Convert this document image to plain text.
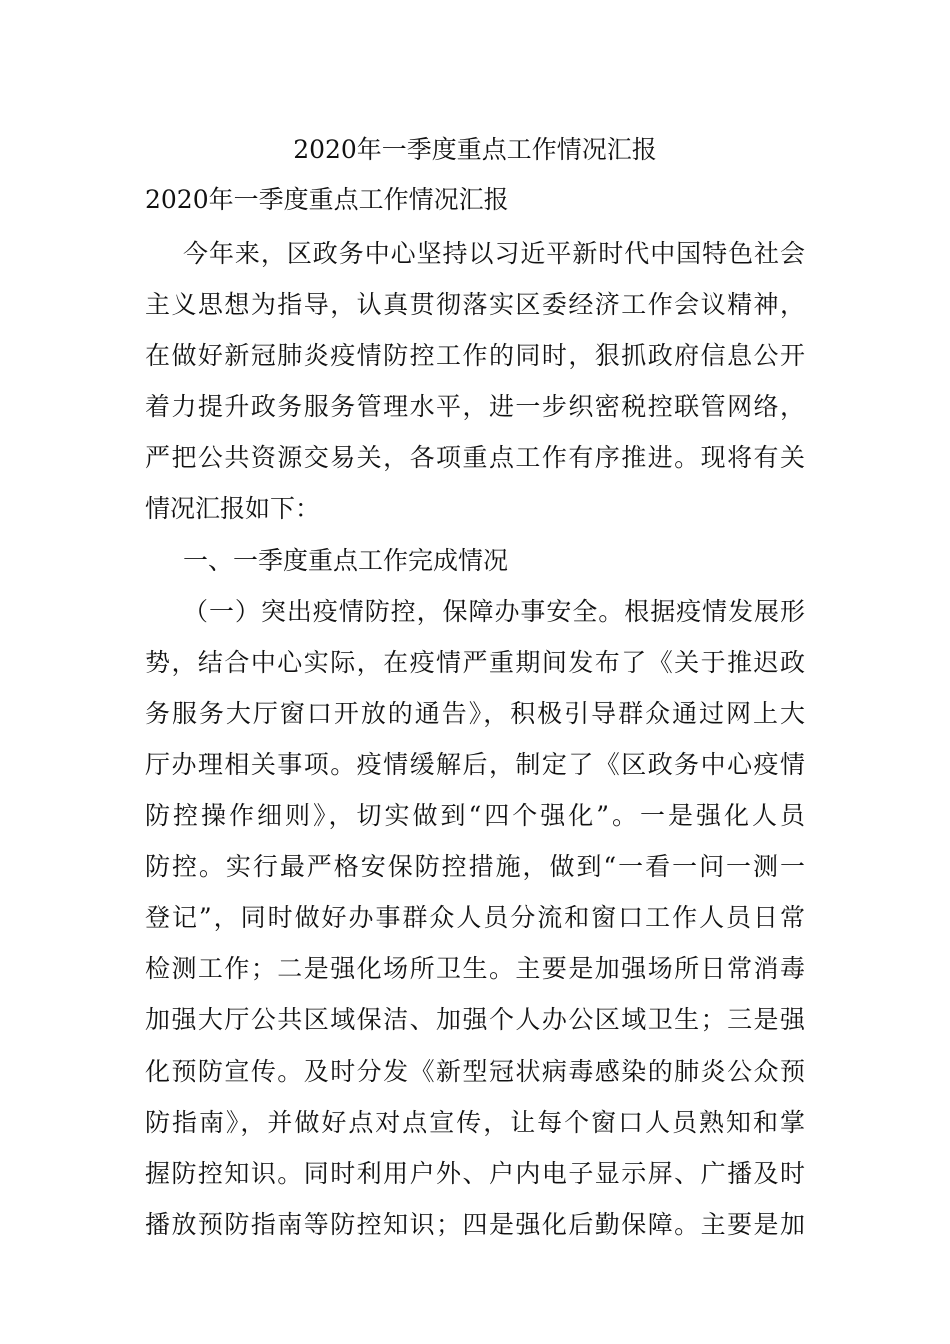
2020年一季度重点工作情况汇报
2020年一季度重点工作情况汇报
今年来，区政务中心坚持以习近平新时代中国特色社会
主义思想为指导，认真贯彻落实区委经济工作会议精神，
在做好新冠肺炎疫情防控工作的同时，狠抓政府信息公开
着力提升政务服务管理水平，进一步织密税控联管网络，
严把公共资源交易关，各项重点工作有序推进。现将有关
情况汇报如下：
一、一季度重点工作完成情况
（一）突出疫情防控，保障办事安全。根据疫情发展形
势，结合中心实际，在疫情严重期间发布了《关于推迟政
务服务大厅窗口开放的通告》，积极引导群众通过网上大
厅办理相关事项。疫情缓解后，制定了《区政务中心疫情
防控操作细则》，切实做到“四个强化”。一是强化人员
防控。实行最严格安保防控措施，做到“一看一问一测一
登记”，同时做好办事群众人员分流和窗口工作人员日常
检测工作；二是强化场所卫生。主要是加强场所日常消毒
加强大厅公共区域保洁、加强个人办公区域卫生；三是强
化预防宣传。及时分发《新型冠状病毒感染的肺炎公众预
防指南》，并做好点对点宣传，让每个窗口人员熟知和掌
握防控知识。同时利用户外、户内电子显示屏、广播及时
播放预防指南等防控知识；四是强化后勤保障。主要是加
